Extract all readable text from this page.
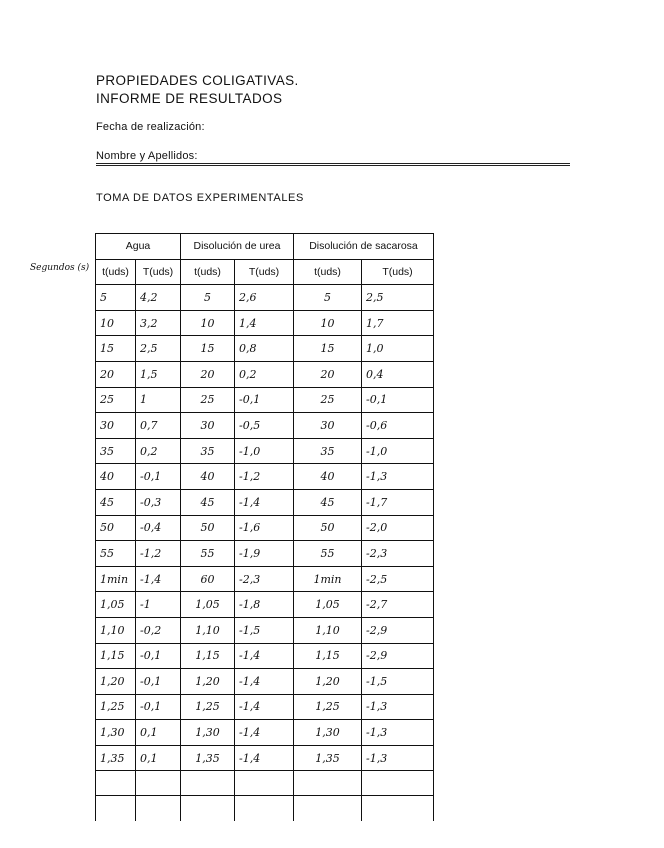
PROPIEDADES COLIGATIVAS.
INFORME DE RESULTADOS
Fecha de realización:
Nombre y Apellidos:
TOMA DE DATOS EXPERIMENTALES
Segundos (s)
Agua		Disolución de urea		Disolución de sacarosa	
t(uds)	T(uds)	t(uds)	T(uds)	t(uds)	T(uds)
5	4,2	5	2,6	5	2,5
10	3,2	10	1,4	10	1,7
15	2,5	15	0,8	15	1,0
20	1,5	20	0,2	20	0,4
25	1	25	-0,1	25	-0,1
30	0,7	30	-0,5	30	-0,6
35	0,2	35	-1,0	35	-1,0
40	-0,1	40	-1,2	40	-1,3
45	-0,3	45	-1,4	45	-1,7
50	-0,4	50	-1,6	50	-2,0
55	-1,2	55	-1,9	55	-2,3
1min	-1,4	60	-2,3	1min	-2,5
1,05	-1	1,05	-1,8	1,05	-2,7
1,10	-0,2	1,10	-1,5	1,10	-2,9
1,15	-0,1	1,15	-1,4	1,15	-2,9
1,20	-0,1	1,20	-1,4	1,20	-1,5
1,25	-0,1	1,25	-1,4	1,25	-1,3
1,30	0,1	1,30	-1,4	1,30	-1,3
1,35	0,1	1,35	-1,4	1,35	-1,3
